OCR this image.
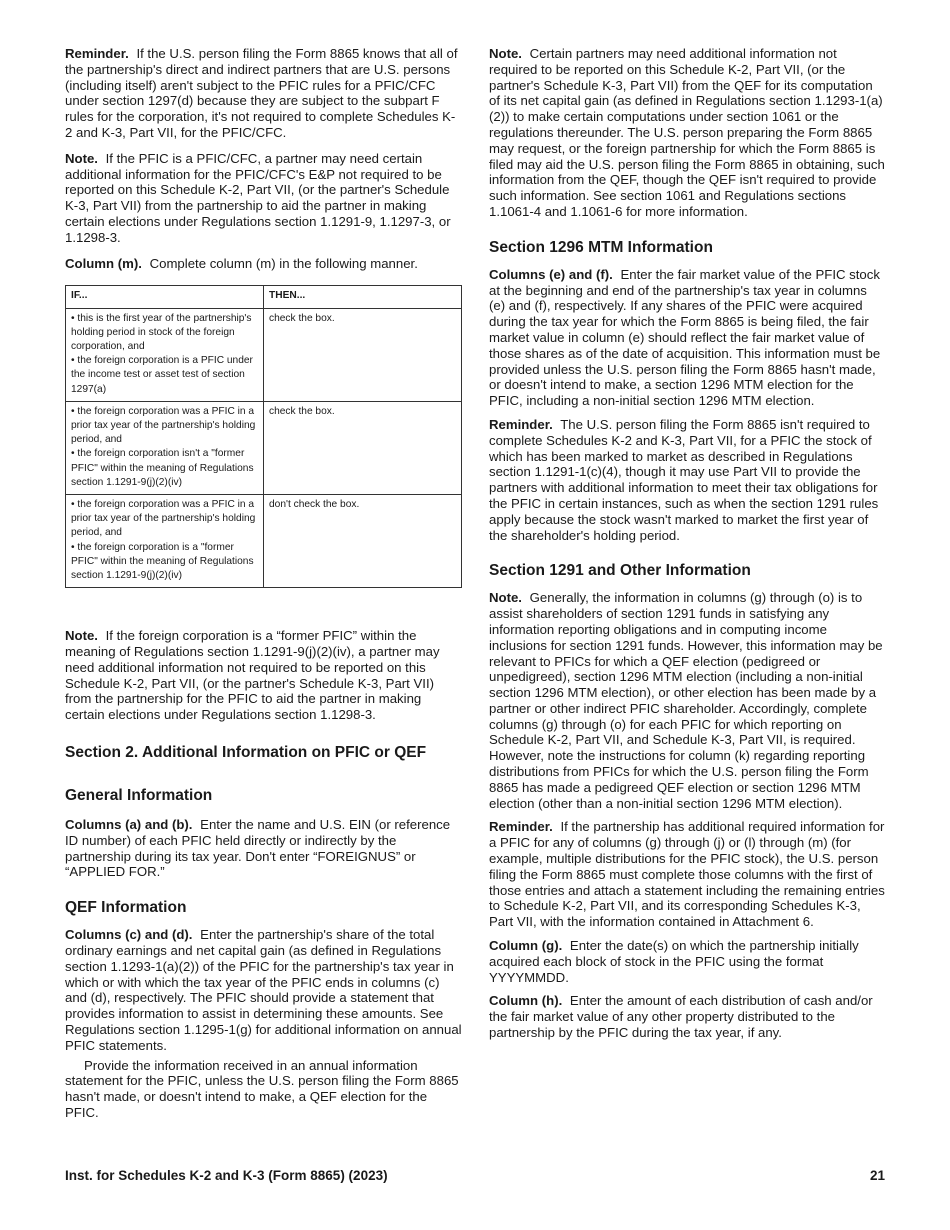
Reminder. If the U.S. person filing the Form 8865 knows that all of the partnership's direct and indirect partners that are U.S. persons (including itself) aren't subject to the PFIC rules for a PFIC/CFC under section 1297(d) because they are subject to the subpart F rules for the corporation, it's not required to complete Schedules K-2 and K-3, Part VII, for the PFIC/CFC.

Note. If the PFIC is a PFIC/CFC, a partner may need certain additional information for the PFIC/CFC's E&P not required to be reported on this Schedule K-2, Part VII, (or the partner's Schedule K-3, Part VII) from the partnership to aid the partner in making certain elections under Regulations section 1.1291-9, 1.1297-3, or 1.1298-3.

Column (m). Complete column (m) in the following manner.

IF...	THEN...

• this is the first year of the partnership's holding period in stock of the foreign corporation, and
• the foreign corporation is a PFIC under the income test or asset test of section 1297(a)	check the box.

• the foreign corporation was a PFIC in a prior tax year of the partnership's holding period, and
• the foreign corporation isn't a "former PFIC" within the meaning of Regulations section 1.1291-9(j)(2)(iv)	check the box.

• the foreign corporation was a PFIC in a prior tax year of the partnership's holding period, and
• the foreign corporation is a "former PFIC" within the meaning of Regulations section 1.1291-9(j)(2)(iv)	don't check the box.

Note. If the foreign corporation is a “former PFIC” within the meaning of Regulations section 1.1291-9(j)(2)(iv), a partner may need additional information not required to be reported on this Schedule K-2, Part VII, (or the partner's Schedule K-3, Part VII) from the partnership for the PFIC to aid the partner in making certain elections under Regulations section 1.1298-3.

Section 2. Additional Information on PFIC or QEF
General Information

Columns (a) and (b). Enter the name and U.S. EIN (or reference ID number) of each PFIC held directly or indirectly by the partnership during its tax year. Don't enter “FOREIGNUS” or “APPLIED FOR.”

QEF Information

Columns (c) and (d). Enter the partnership's share of the total ordinary earnings and net capital gain (as defined in Regulations section 1.1293-1(a)(2)) of the PFIC for the partnership's tax year in which or with which the tax year of the PFIC ends in columns (c) and (d), respectively. The PFIC should provide a statement that provides information to assist in determining these amounts. See Regulations section 1.1295-1(g) for additional information on annual PFIC statements.

Provide the information received in an annual information statement for the PFIC, unless the U.S. person filing the Form 8865 hasn't made, or doesn't intend to make, a QEF election for the PFIC.

Note. Certain partners may need additional information not required to be reported on this Schedule K-2, Part VII, (or the partner's Schedule K-3, Part VII) from the QEF for its computation of its net capital gain (as defined in Regulations section 1.1293-1(a)(2)) to make certain computations under section 1061 or the regulations thereunder. The U.S. person preparing the Form 8865 may request, or the foreign partnership for which the Form 8865 is filed may aid the U.S. person filing the Form 8865 in obtaining, such information from the QEF, though the QEF isn't required to provide such information. See section 1061 and Regulations sections 1.1061-4 and 1.1061-6 for more information.

Section 1296 MTM Information

Columns (e) and (f). Enter the fair market value of the PFIC stock at the beginning and end of the partnership's tax year in columns (e) and (f), respectively. If any shares of the PFIC were acquired during the tax year for which the Form 8865 is being filed, the fair market value in column (e) should reflect the fair market value of those shares as of the date of acquisition. This information must be provided unless the U.S. person filing the Form 8865 hasn't made, or doesn't intend to make, a section 1296 MTM election for the PFIC, including a non-initial section 1296 MTM election.

Reminder. The U.S. person filing the Form 8865 isn't required to complete Schedules K-2 and K-3, Part VII, for a PFIC the stock of which has been marked to market as described in Regulations section 1.1291-1(c)(4), though it may use Part VII to provide the partners with additional information to meet their tax obligations for the PFIC in certain instances, such as when the section 1291 rules apply because the stock wasn't marked to market the first year of the shareholder's holding period.

Section 1291 and Other Information

Note. Generally, the information in columns (g) through (o) is to assist shareholders of section 1291 funds in satisfying any information reporting obligations and in computing income inclusions for section 1291 funds. However, this information may be relevant to PFICs for which a QEF election (pedigreed or unpedigreed), section 1296 MTM election (including a non-initial section 1296 MTM election), or other election has been made by a partner or other indirect PFIC shareholder. Accordingly, complete columns (g) through (o) for each PFIC for which reporting on Schedule K-2, Part VII, and Schedule K-3, Part VII, is required. However, note the instructions for column (k) regarding reporting distributions from PFICs for which the U.S. person filing the Form 8865 has made a pedigreed QEF election or section 1296 MTM election (other than a non-initial section 1296 MTM election).

Reminder. If the partnership has additional required information for a PFIC for any of columns (g) through (j) or (l) through (m) (for example, multiple distributions for the PFIC stock), the U.S. person filing the Form 8865 must complete those columns with the first of those entries and attach a statement including the remaining entries to Schedule K-2, Part VII, and its corresponding Schedules K-3, Part VII, with the information contained in Attachment 6.

Column (g). Enter the date(s) on which the partnership initially acquired each block of stock in the PFIC using the format YYYYMMDD.

Column (h). Enter the amount of each distribution of cash and/or the fair market value of any other property distributed to the partnership by the PFIC during the tax year, if any.

Inst. for Schedules K-2 and K-3 (Form 8865) (2023)	21
